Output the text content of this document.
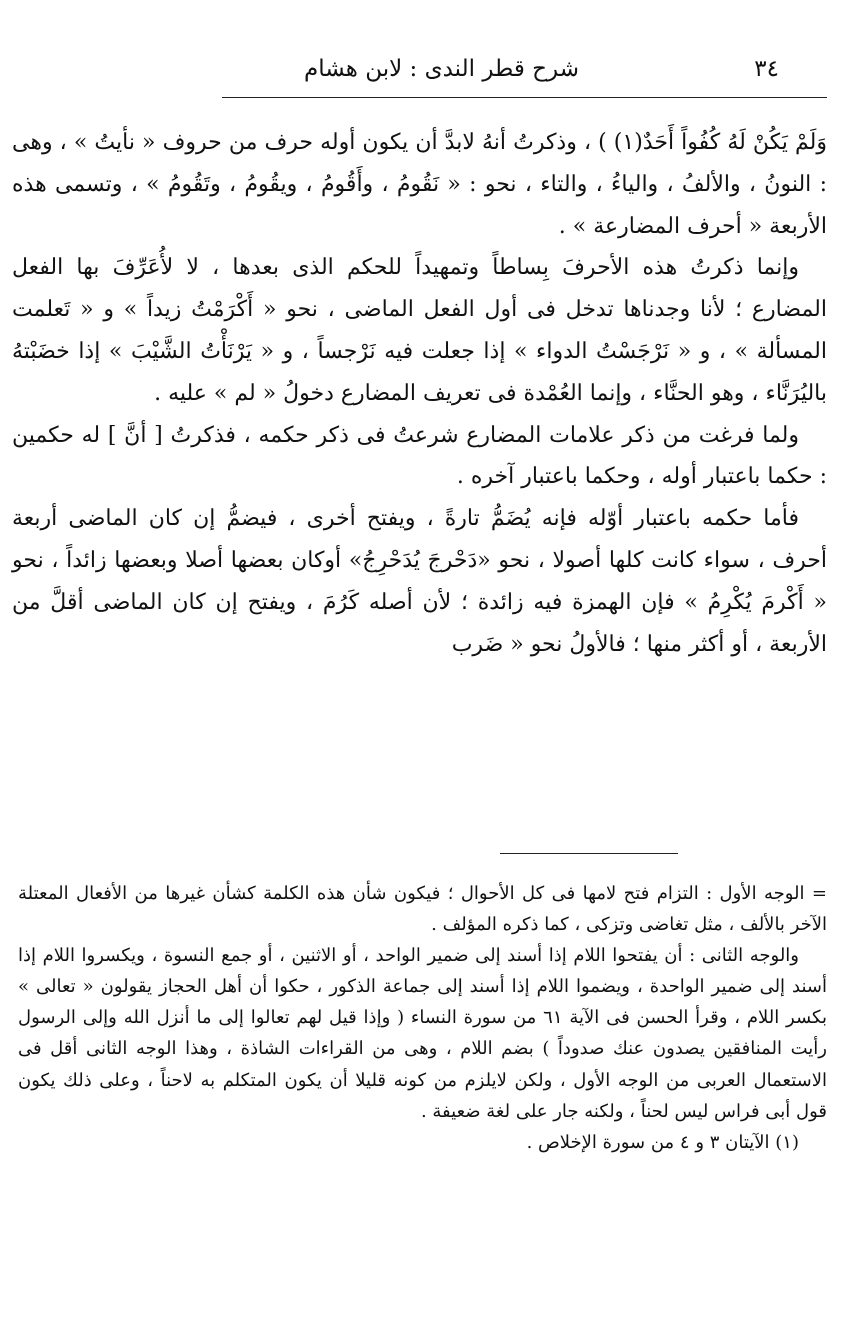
٣٤
شرح قطر الندى : لابن هشام

وَلَمْ يَكُنْ لَهُ كُفُواً أَحَدٌ(١) ) ، وذكرتُ أنهُ لابدَّ أن يكون أوله حرف من حروف « نأيتُ » ، وهى : النونُ ، والألفُ ، والياءُ ، والتاء ، نحو : « نَقُومُ ، وأَقُومُ ، ويقُومُ ، وتَقُومُ » ، وتسمى هذه الأربعة « أحرف المضارعة » .

وإنما ذكرتُ هذه الأحرفَ بِساطاً وتمهيداً للحكم الذى بعدها ، لا لأُعَرِّفَ بها الفعل المضارع ؛ لأنا وجدناها تدخل فى أول الفعل الماضى ، نحو « أَكْرَمْتُ زيداً » و « تَعلمت المسألة » ، و « نَرْجَسْتُ الدواء » إذا جعلت فيه نَرْجساً ، و « يَرْنَأْتُ الشَّيْبَ » إذا خضَبْتهُ باليُرَنَّاء ، وهو الحنَّاء ، وإنما العُمْدة فى تعريف المضارع دخولُ « لم » عليه .

ولما فرغت من ذكر علامات المضارع شرعتُ فى ذكر حكمه ، فذكرتُ [ أنَّ ] له حكمين : حكما باعتبار أوله ، وحكما باعتبار آخره .

فأما حكمه باعتبار أوّله فإنه يُضَمُّ تارةً ، ويفتح أخرى ، فيضمُّ إن كان الماضى أربعة أحرف ، سواء كانت كلها أصولا ، نحو «دَحْرجَ يُدَحْرِجُ» أوكان بعضها أصلا وبعضها زائداً ، نحو « أَكْرمَ يُكْرِمُ » فإن الهمزة فيه زائدة ؛ لأن أصله كَرُمَ ، ويفتح إن كان الماضى أقلَّ من الأربعة ، أو أكثر منها ؛ فالأولُ نحو « ضَرب

= الوجه الأول : التزام فتح لامها فى كل الأحوال ؛ فيكون شأن هذه الكلمة كشأن غيرها من الأفعال المعتلة الآخر بالألف ، مثل تغاضى وتزكى ، كما ذكره المؤلف .

والوجه الثانى : أن يفتحوا اللام إذا أسند إلى ضمير الواحد ، أو الاثنين ، أو جمع النسوة ، ويكسروا اللام إذا أسند إلى ضمير الواحدة ، ويضموا اللام إذا أسند إلى جماعة الذكور ، حكوا أن أهل الحجاز يقولون « تعالى » بكسر اللام ، وقرأ الحسن فى الآية ٦١ من سورة النساء ( وإذا قيل لهم تعالوا إلى ما أنزل الله وإلى الرسول رأيت المنافقين يصدون عنك صدوداً ) بضم اللام ، وهى من القراءات الشاذة ، وهذا الوجه الثانى أقل فى الاستعمال العربى من الوجه الأول ، ولكن لايلزم من كونه قليلا أن يكون المتكلم به لاحناً ، وعلى ذلك يكون قول أبى فراس ليس لحناً ، ولكنه جار على لغة ضعيفة .

(١) الآيتان ٣ و ٤ من سورة الإخلاص .
